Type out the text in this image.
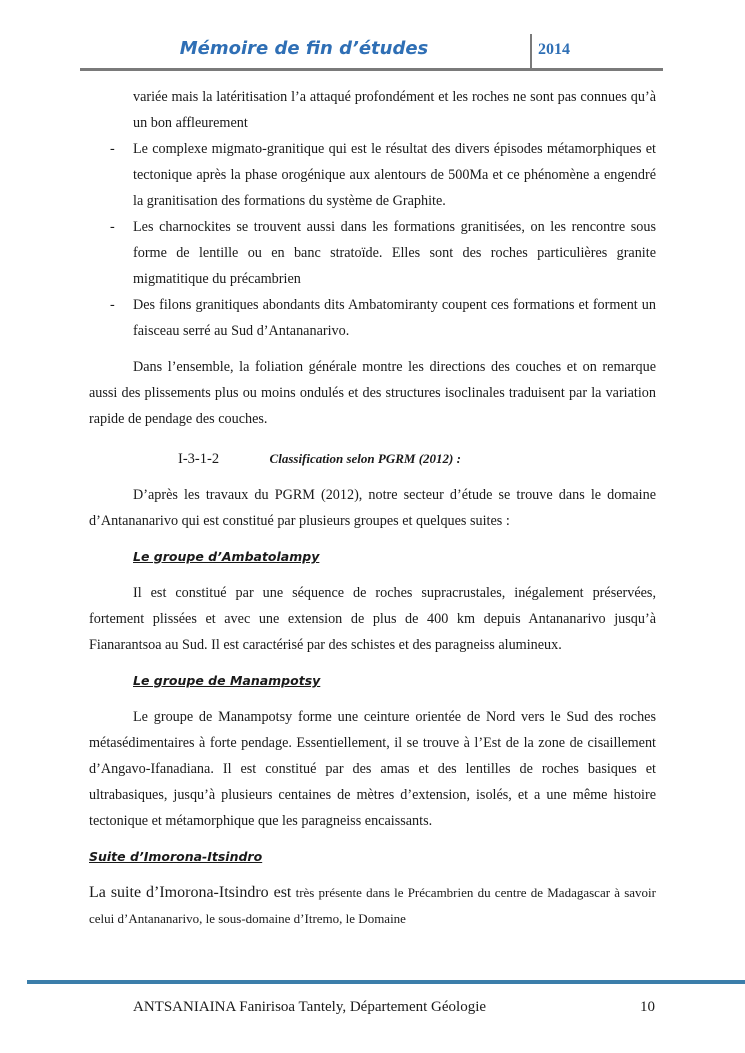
Mémoire de fin d’études	2014

variée mais la latéritisation l’a attaqué profondément et les roches ne sont pas connues qu’à un bon affleurement

- Le complexe migmato-granitique qui est le résultat des divers épisodes métamorphiques et tectonique après la phase orogénique aux alentours de 500Ma et ce phénomène a engendré la granitisation des formations du système de Graphite.
- Les charnockites se trouvent aussi dans les formations granitisées, on les rencontre sous forme de lentille ou en banc stratoïde. Elles sont des roches particulières granite migmatitique du précambrien
- Des filons granitiques abondants dits Ambatomiranty coupent ces formations et forment un faisceau serré au Sud d’Antananarivo.

Dans l’ensemble, la foliation générale montre les directions des couches et on remarque aussi des plissements plus ou moins ondulés et des structures isoclinales traduisent par la variation rapide de pendage des couches.

I-3-1-2	Classification selon PGRM (2012) :

D’après les travaux du PGRM (2012), notre secteur d’étude se trouve dans le domaine d’Antananarivo qui est constitué par plusieurs groupes et quelques suites :

Le groupe d’Ambatolampy

Il est constitué par une séquence de roches supracrustales, inégalement préservées, fortement plissées et avec une extension de plus de 400 km depuis Antananarivo jusqu’à Fianarantsoa au Sud. Il est caractérisé par des schistes et des paragneiss alumineux.

Le groupe de Manampotsy

Le groupe de Manampotsy forme une ceinture orientée de Nord vers le Sud des roches métasédimentaires à forte pendage. Essentiellement, il se trouve à l’Est de la zone de cisaillement d’Angavo-Ifanadiana. Il est constitué par des amas et des lentilles de roches basiques et ultrabasiques, jusqu’à plusieurs centaines de mètres d’extension, isolés, et a une même histoire tectonique et métamorphique que les paragneiss encaissants.

Suite d’Imorona-Itsindro

La suite d’Imorona-Itsindro est très présente dans le Précambrien du centre de Madagascar à savoir celui d’Antananarivo, le sous-domaine d’Itremo, le Domaine

ANTSANIAINA Fanirisoa Tantely, Département Géologie	10
